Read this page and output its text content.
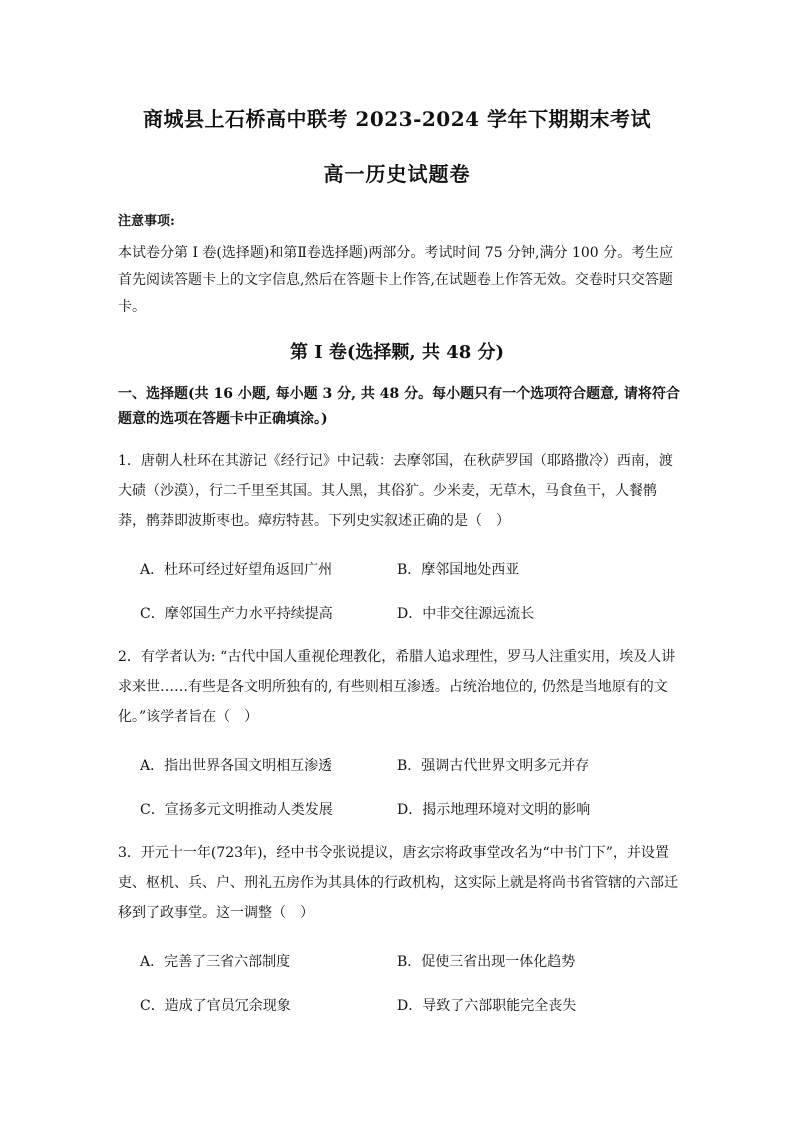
商城县上石桥高中联考 2023-2024 学年下期期末考试
高一历史试题卷
注意事项:
本试卷分第 I 卷(选择题)和第Ⅱ卷选择题)两部分。考试时间 75 分钟,满分 100 分。考生应首先阅读答题卡上的文字信息,然后在答题卡上作答,在试题卷上作答无效。交卷时只交答题卡。
第 I 卷(选择颗, 共 48 分)
一、选择题(共 16 小题, 每小题 3 分, 共 48 分。每小题只有一个选项符合题意, 请将符合题意的选项在答题卡中正确填涂。)
1．唐朝人杜环在其游记《经行记》中记载：去摩邻国，在秋萨罗国（耶路撒冷）西南，渡大碛（沙漠），行二千里至其国。其人黑，其俗犷。少米麦，无草木，马食鱼干，人餐鹘莽，鹘莽即波斯枣也。瘴疠特甚。下列史实叙述正确的是（　）
A．杜环可经过好望角返回广州	B．摩邻国地处西亚
C．摩邻国生产力水平持续提高	D．中非交往源远流长
2．有学者认为: “古代中国人重视伦理教化，希腊人追求理性，罗马人注重实用，埃及人讲求来世……有些是各文明所独有的, 有些则相互渗透。占统治地位的, 仍然是当地原有的文化。”该学者旨在（　）
A．指出世界各国文明相互渗透	B．强调古代世界文明多元并存
C．宣扬多元文明推动人类发展	D．揭示地理环境对文明的影响
3．开元十一年(723年)，经中书令张说提议，唐玄宗将政事堂改名为“中书门下”，并设置吏、枢机、兵、户、刑礼五房作为其具体的行政机构，这实际上就是将尚书省管辖的六部迁移到了政事堂。这一调整（　）
A．完善了三省六部制度	B．促使三省出现一体化趋势
C．造成了官员冗余现象	D．导致了六部职能完全丧失
